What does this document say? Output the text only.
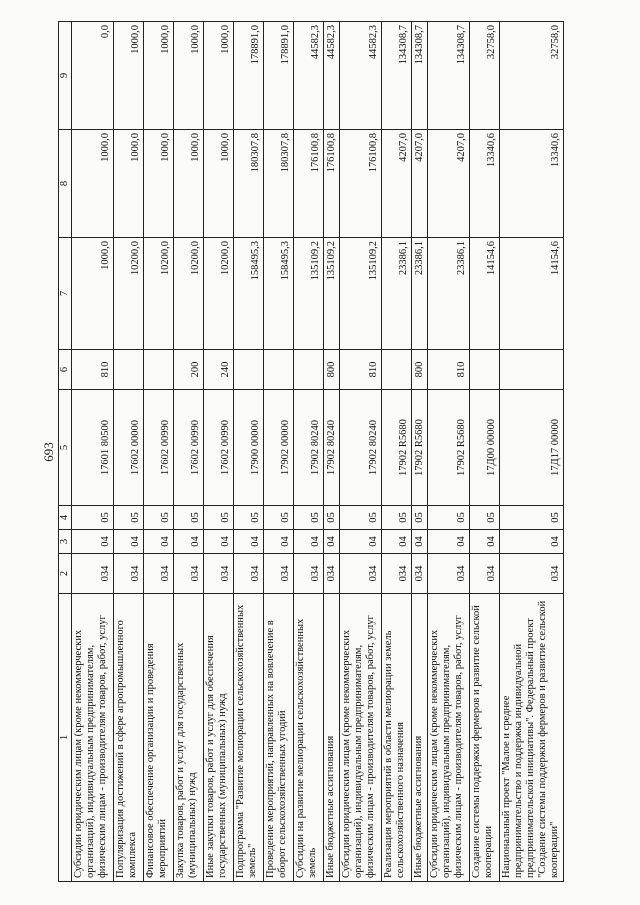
693
1	2	3	4	5	6	7	8	9
Субсидии юридическим лицам (кроме некоммерческих организаций), индивидуальным предпринимателям, физическим лицам - производителям товаров, работ, услуг	034	04	05	17601 80500	810	1000,0	1000,0	0,0
Популяризация достижений в сфере агропромышленного комплекса	034	04	05	17602 00000		10200,0	1000,0	1000,0
Финансовое обеспечение организации и проведения мероприятий	034	04	05	17602 00990		10200,0	1000,0	1000,0
Закупка товаров, работ и услуг для государственных (муниципальных) нужд	034	04	05	17602 00990	200	10200,0	1000,0	1000,0
Иные закупки товаров, работ и услуг для обеспечения государственных (муниципальных) нужд	034	04	05	17602 00990	240	10200,0	1000,0	1000,0
Подпрограмма "Развитие мелиорации сельскохозяйственных земель"	034	04	05	17900 00000		158495,3	180307,8	178891,0
Проведение мероприятий, направленных на вовлечение в оборот сельскохозяйственных угодий	034	04	05	17902 00000		158495,3	180307,8	178891,0
Субсидии на развитие мелиорации сельскохозяйственных земель	034	04	05	17902 80240		135109,2	176100,8	44582,3
Иные бюджетные ассигнования	034	04	05	17902 80240	800	135109,2	176100,8	44582,3
Субсидии юридическим лицам (кроме некоммерческих организаций), индивидуальным предпринимателям, физическим лицам - производителям товаров, работ, услуг	034	04	05	17902 80240	810	135109,2	176100,8	44582,3
Реализация мероприятий в области мелиорации земель сельскохозяйственного назначения	034	04	05	17902 R5680		23386,1	4207,0	134308,7
Иные бюджетные ассигнования	034	04	05	17902 R5680	800	23386,1	4207,0	134308,7
Субсидии юридическим лицам (кроме некоммерческих организаций), индивидуальным предпринимателям, физическим лицам - производителям товаров, работ, услуг	034	04	05	17902 R5680	810	23386,1	4207,0	134308,7
Создание системы поддержки фермеров и развитие сельской кооперации	034	04	05	17Д00 00000		14154,6	13340,6	32758,0
Национальный проект "Малое и среднее предпринимательство и поддержка индивидуальной предпринимательской инициативы". Федеральный проект "Создание системы поддержки фермеров и развитие сельской кооперации"	034	04	05	17Д17 00000		14154,6	13340,6	32758,0
